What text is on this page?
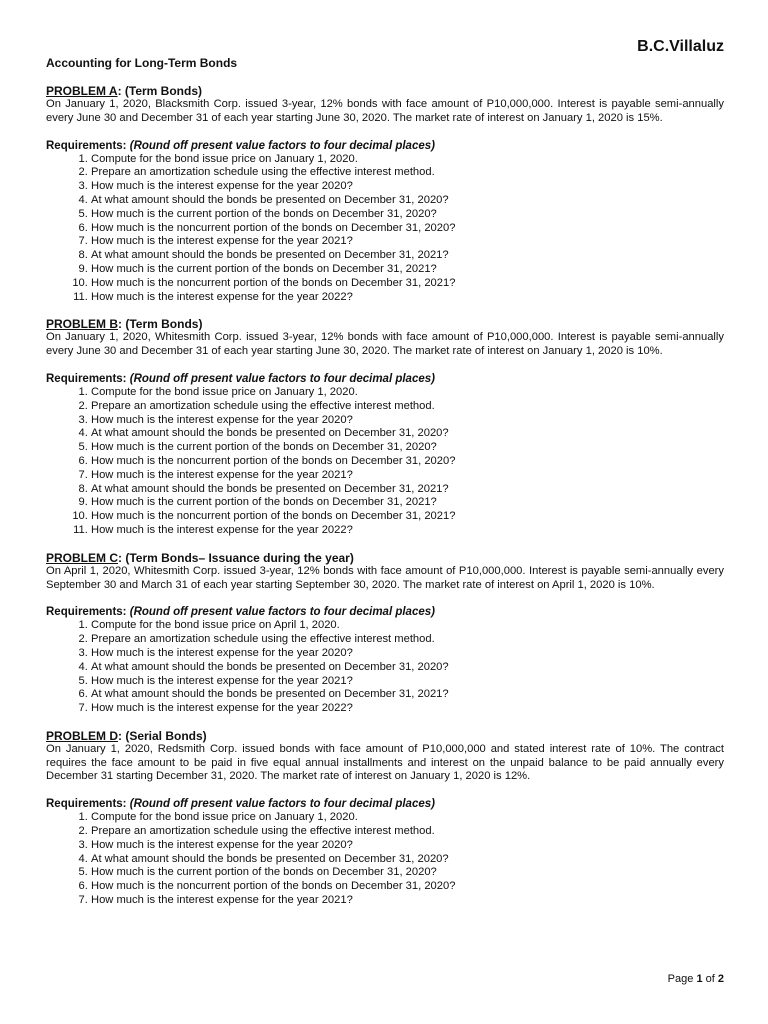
B.C.Villaluz

Accounting for Long-Term Bonds

PROBLEM A: (Term Bonds)

On January 1, 2020, Blacksmith Corp. issued 3-year, 12% bonds with face amount of P10,000,000. Interest is payable semi-annually every June 30 and December 31 of each year starting June 30, 2020. The market rate of interest on January 1, 2020 is 15%.

Requirements: (Round off present value factors to four decimal places)

1. Compute for the bond issue price on January 1, 2020.
2. Prepare an amortization schedule using the effective interest method.
3. How much is the interest expense for the year 2020?
4. At what amount should the bonds be presented on December 31, 2020?
5. How much is the current portion of the bonds on December 31, 2020?
6. How much is the noncurrent portion of the bonds on December 31, 2020?
7. How much is the interest expense for the year 2021?
8. At what amount should the bonds be presented on December 31, 2021?
9. How much is the current portion of the bonds on December 31, 2021?
10. How much is the noncurrent portion of the bonds on December 31, 2021?
11. How much is the interest expense for the year 2022?

PROBLEM B: (Term Bonds)

On January 1, 2020, Whitesmith Corp. issued 3-year, 12% bonds with face amount of P10,000,000. Interest is payable semi-annually every June 30 and December 31 of each year starting June 30, 2020. The market rate of interest on January 1, 2020 is 10%.

Requirements: (Round off present value factors to four decimal places)

1. Compute for the bond issue price on January 1, 2020.
2. Prepare an amortization schedule using the effective interest method.
3. How much is the interest expense for the year 2020?
4. At what amount should the bonds be presented on December 31, 2020?
5. How much is the current portion of the bonds on December 31, 2020?
6. How much is the noncurrent portion of the bonds on December 31, 2020?
7. How much is the interest expense for the year 2021?
8. At what amount should the bonds be presented on December 31, 2021?
9. How much is the current portion of the bonds on December 31, 2021?
10. How much is the noncurrent portion of the bonds on December 31, 2021?
11. How much is the interest expense for the year 2022?

PROBLEM C: (Term Bonds– Issuance during the year)

On April 1, 2020, Whitesmith Corp. issued 3-year, 12% bonds with face amount of P10,000,000. Interest is payable semi-annually every September 30 and March 31 of each year starting September 30, 2020. The market rate of interest on April 1, 2020 is 10%.

Requirements: (Round off present value factors to four decimal places)

1. Compute for the bond issue price on April 1, 2020.
2. Prepare an amortization schedule using the effective interest method.
3. How much is the interest expense for the year 2020?
4. At what amount should the bonds be presented on December 31, 2020?
5. How much is the interest expense for the year 2021?
6. At what amount should the bonds be presented on December 31, 2021?
7. How much is the interest expense for the year 2022?

PROBLEM D: (Serial Bonds)

On January 1, 2020, Redsmith Corp. issued bonds with face amount of P10,000,000 and stated interest rate of 10%. The contract requires the face amount to be paid in five equal annual installments and interest on the unpaid balance to be paid annually every December 31 starting December 31, 2020. The market rate of interest on January 1, 2020 is 12%.

Requirements: (Round off present value factors to four decimal places)

1. Compute for the bond issue price on January 1, 2020.
2. Prepare an amortization schedule using the effective interest method.
3. How much is the interest expense for the year 2020?
4. At what amount should the bonds be presented on December 31, 2020?
5. How much is the current portion of the bonds on December 31, 2020?
6. How much is the noncurrent portion of the bonds on December 31, 2020?
7. How much is the interest expense for the year 2021?
Page 1 of 2
